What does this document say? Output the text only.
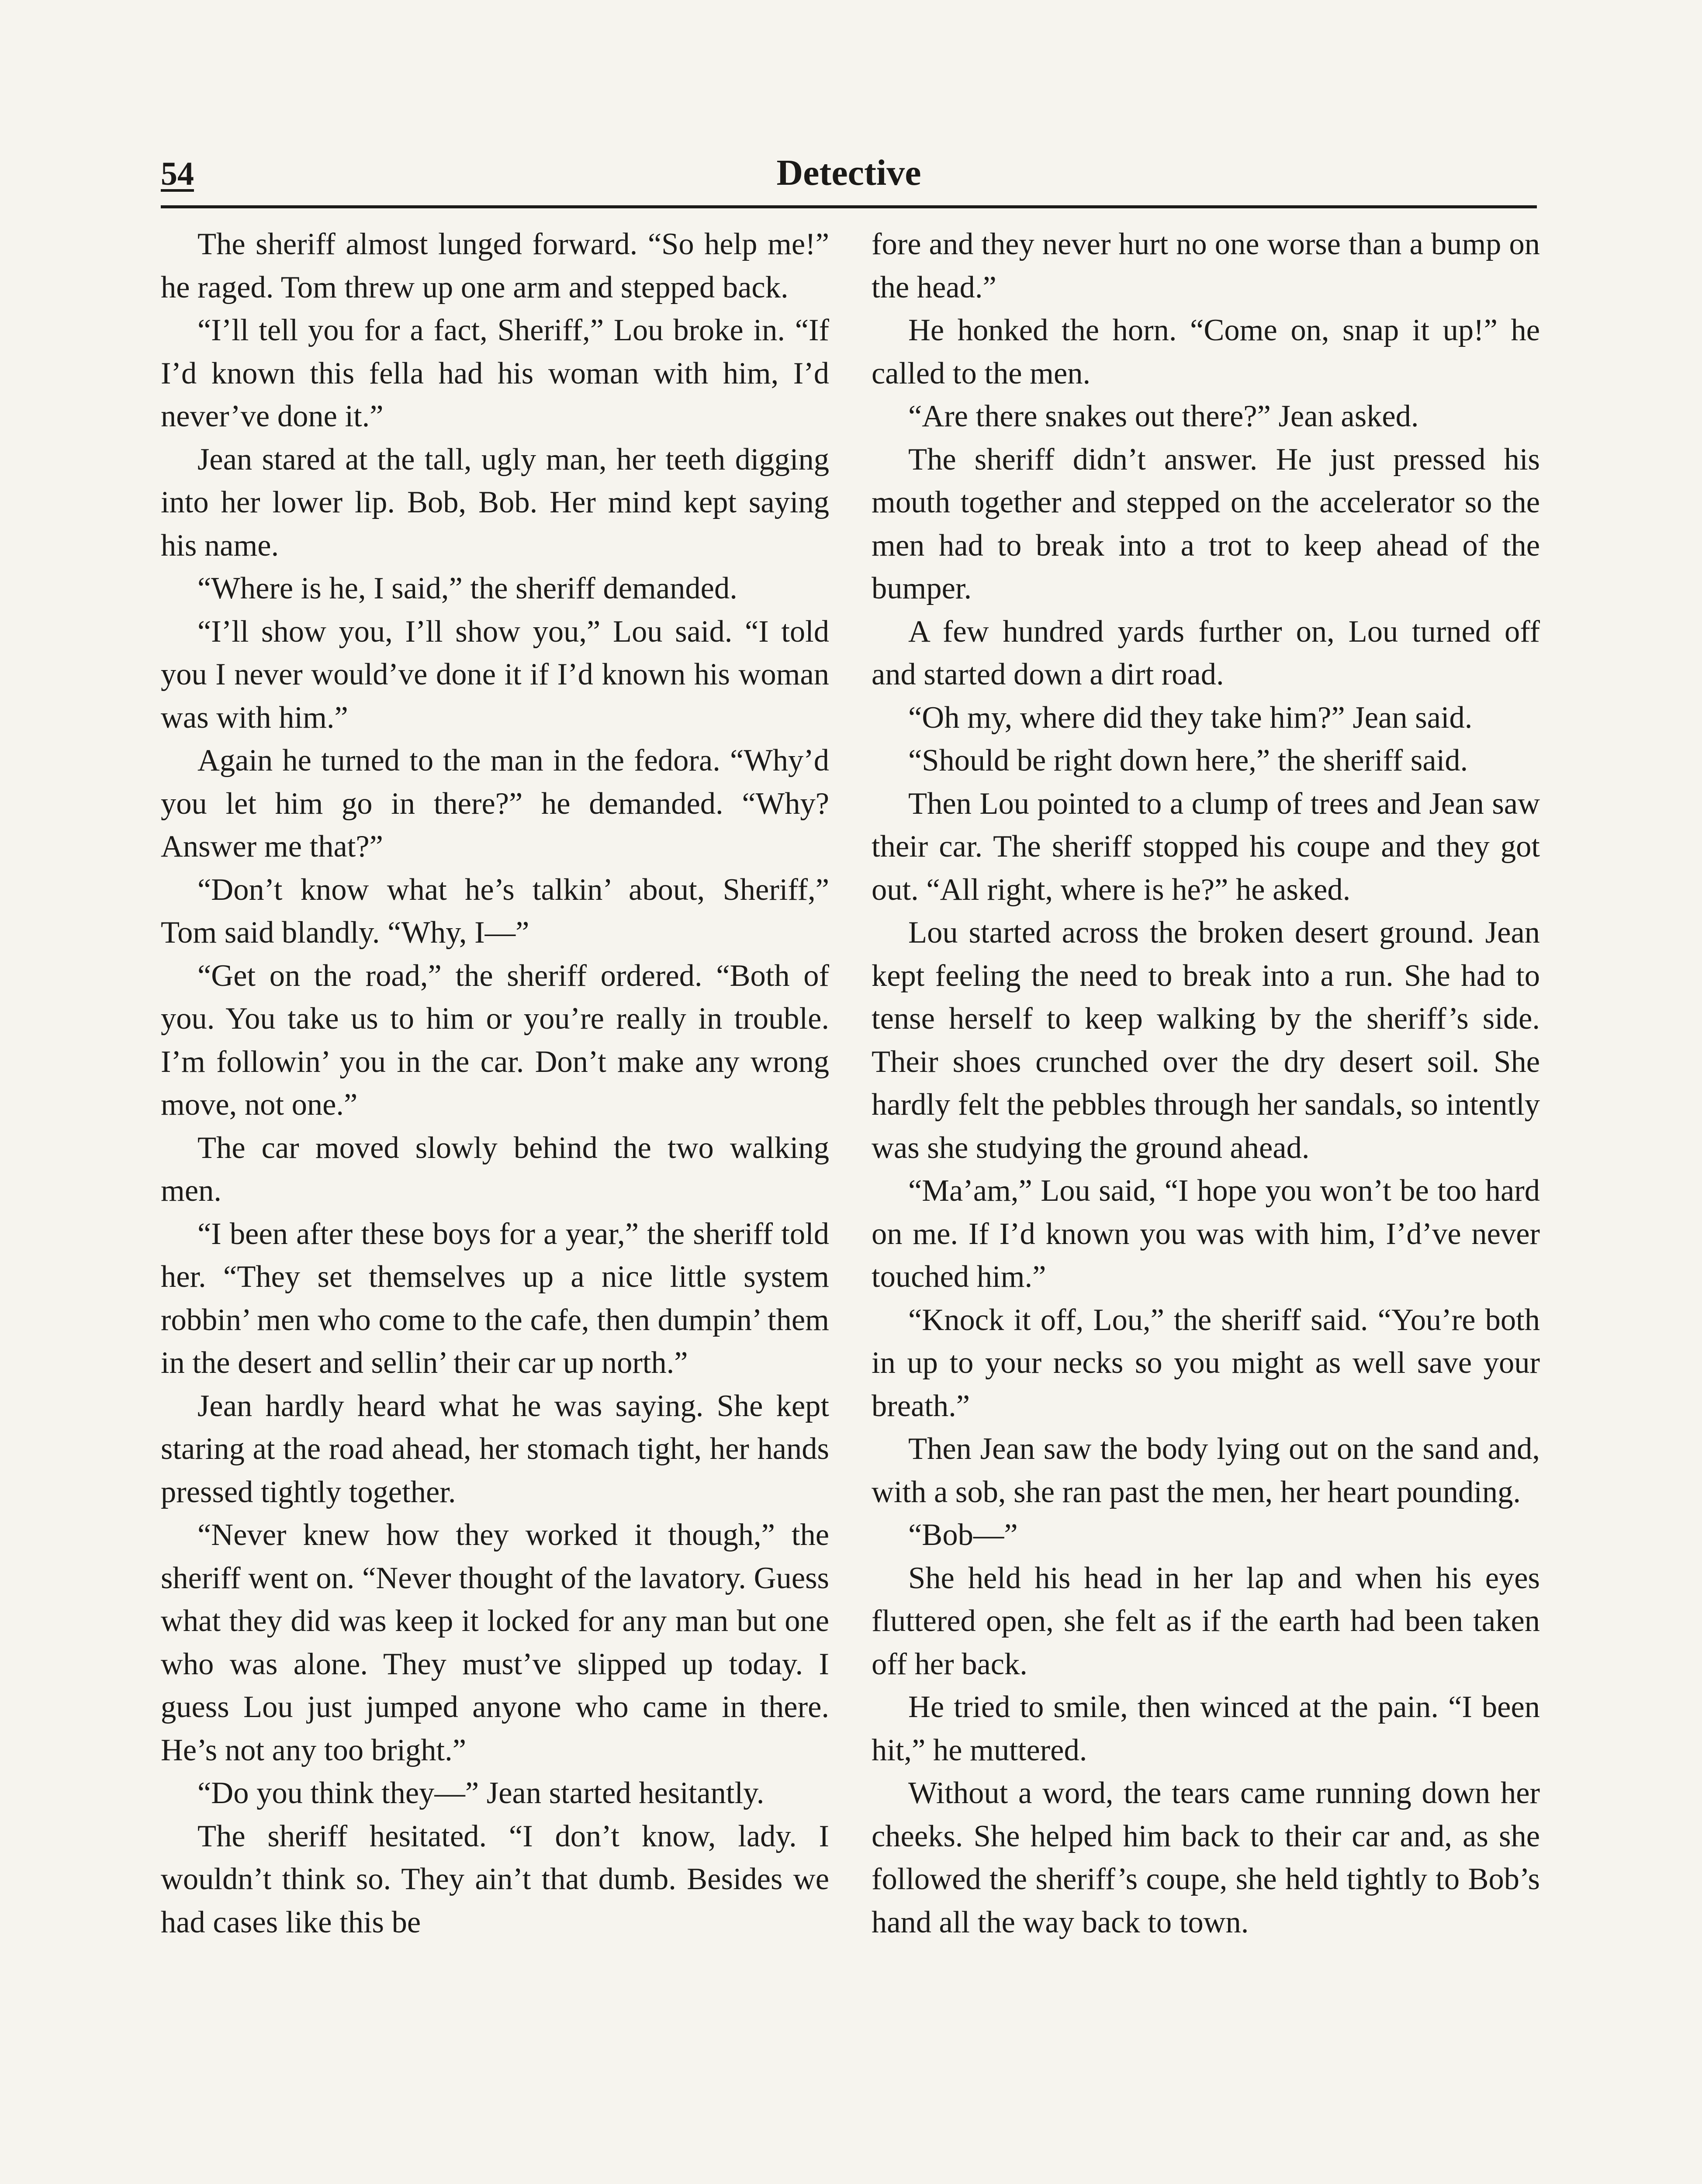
54	Detective

The sheriff almost lunged forward. “So help me!” he raged. Tom threw up one arm and stepped back.

“I’ll tell you for a fact, Sheriff,” Lou broke in. “If I’d known this fella had his woman with him, I’d never’ve done it.”

Jean stared at the tall, ugly man, her teeth digging into her lower lip. Bob, Bob. Her mind kept saying his name.

“Where is he, I said,” the sheriff demanded.

“I’ll show you, I’ll show you,” Lou said. “I told you I never would’ve done it if I’d known his woman was with him.”

Again he turned to the man in the fedora. “Why’d you let him go in there?” he demanded. “Why? Answer me that?”

“Don’t know what he’s talkin’ about, Sheriff,” Tom said blandly. “Why, I—”

“Get on the road,” the sheriff ordered. “Both of you. You take us to him or you’re really in trouble. I’m followin’ you in the car. Don’t make any wrong move, not one.”

The car moved slowly behind the two walking men.

“I been after these boys for a year,” the sheriff told her. “They set themselves up a nice little system robbin’ men who come to the cafe, then dumpin’ them in the desert and sellin’ their car up north.”

Jean hardly heard what he was saying. She kept staring at the road ahead, her stomach tight, her hands pressed tightly together.

“Never knew how they worked it though,” the sheriff went on. “Never thought of the lavatory. Guess what they did was keep it locked for any man but one who was alone. They must’ve slipped up today. I guess Lou just jumped anyone who came in there. He’s not any too bright.”

“Do you think they—” Jean started hesitantly.

The sheriff hesitated. “I don’t know, lady. I wouldn’t think so. They ain’t that dumb. Besides we had cases like this be

fore and they never hurt no one worse than a bump on the head.”

He honked the horn. “Come on, snap it up!” he called to the men.

“Are there snakes out there?” Jean asked.

The sheriff didn’t answer. He just pressed his mouth together and stepped on the accelerator so the men had to break into a trot to keep ahead of the bumper.

A few hundred yards further on, Lou turned off and started down a dirt road.

“Oh my, where did they take him?” Jean said.

“Should be right down here,” the sheriff said.

Then Lou pointed to a clump of trees and Jean saw their car. The sheriff stopped his coupe and they got out. “All right, where is he?” he asked.

Lou started across the broken desert ground. Jean kept feeling the need to break into a run. She had to tense herself to keep walking by the sheriff’s side. Their shoes crunched over the dry desert soil. She hardly felt the pebbles through her sandals, so intently was she studying the ground ahead.

“Ma’am,” Lou said, “I hope you won’t be too hard on me. If I’d known you was with him, I’d’ve never touched him.”

“Knock it off, Lou,” the sheriff said. “You’re both in up to your necks so you might as well save your breath.”

Then Jean saw the body lying out on the sand and, with a sob, she ran past the men, her heart pounding.

“Bob—”

She held his head in her lap and when his eyes fluttered open, she felt as if the earth had been taken off her back.

He tried to smile, then winced at the pain. “I been hit,” he muttered.

Without a word, the tears came running down her cheeks. She helped him back to their car and, as she followed the sheriff’s coupe, she held tightly to Bob’s hand all the way back to town.
